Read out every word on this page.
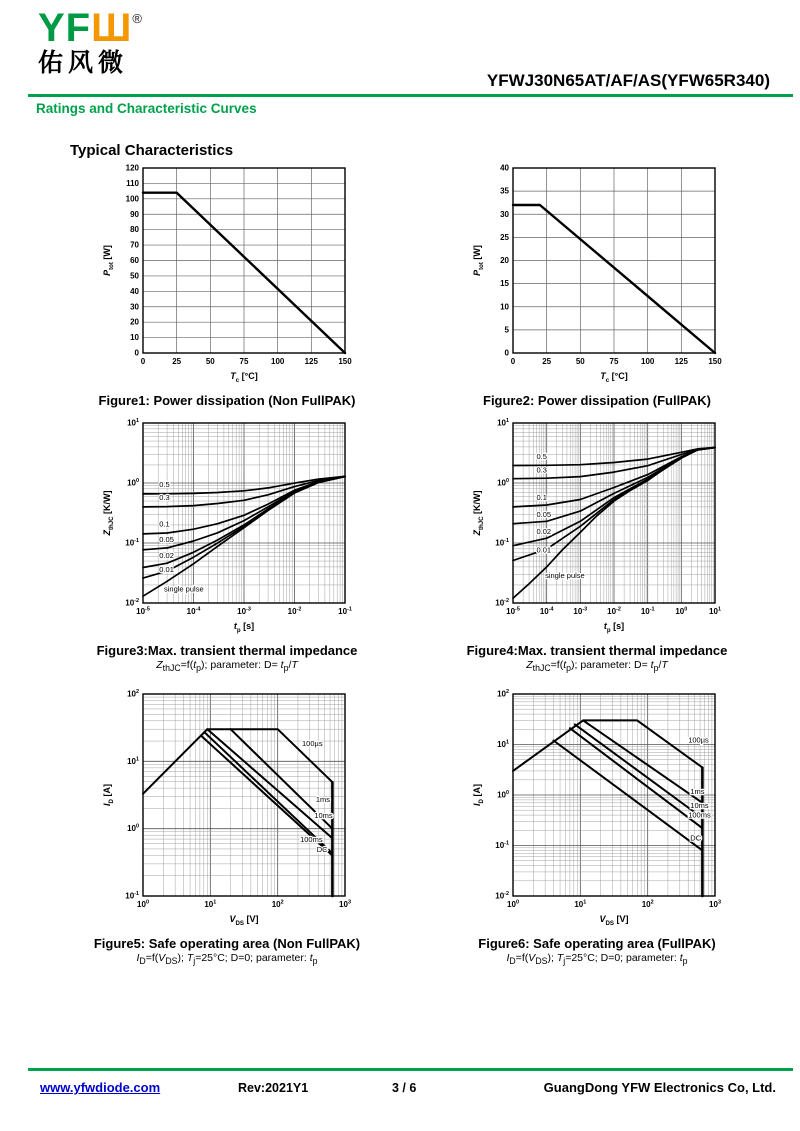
YFШ®
佑风微
YFWJ30N65AT/AF/AS(YFW65R340)
Ratings and Characteristic Curves
Typical Characteristics
0	25	50	75	100	125	150
0
10
20
30
40
50
60
70
80
90
100
110
120
$T_c$ [°C]
$P_{tot}$ [W]
Figure1: Power dissipation (Non FullPAK)
0	25	50	75	100	125	150
0
5
10
15
20
25
30
35
40
$T_c$ [°C]
$P_{tot}$ [W]
Figure2: Power dissipation (FullPAK)
0.5
0.3
0.1
0.05
0.02
0.01
single pulse
$10^{-5}$	$10^{-4}$	$10^{-3}$	$10^{-2}$	$10^{-1}$
$10^{-2}$
$10^{-1}$
$10^0$
$10^1$
$t_p$ [s]
$Z_{thJC}$ [K/W]
Figure3:Max. transient thermal impedance
$Z_{thJC}=f(t_p)$; parameter: $D= t_p/T$
0.5
0.3
0.1
0.05
0.02
0.01
single pulse
$10^{-5}$ $10^{-4}$ $10^{-3}$ $10^{-2}$ $10^{-1}$	$10^0$	$10^1$
$10^{-2}$
$10^{-1}$
$10^0$
$10^1$
$t_p$ [s]
$Z_{thJC}$ [K/W]
Figure4:Max. transient thermal impedance
$Z_{thJC}=f(t_p)$; parameter: $D= t_p/T$
100µs
1ms
10ms
100ms
DC
$10^0$	$10^1$	$10^2$	$10^3$
$10^{-1}$
$10^0$
$10^1$
$10^2$
$V_{DS}$ [V]
$I_D$ [A]
Figure5: Safe operating area (Non FullPAK)
$I_D=f(V_{DS})$; $T_j=25^\circ C$; D=0; parameter: $t_p$
100µs
1ms
10ms
100ms
DC
$10^0$	$10^1$	$10^2$	$10^3$
$10^{-2}$
$10^{-1}$
$10^0$
$10^1$
$10^2$
$V_{DS}$ [V]
$I_D$ [A]
Figure6: Safe operating area (FullPAK)
$I_D=f(V_{DS})$; $T_j=25^\circ C$; D=0; parameter: $t_p$
www.yfwdiode.com	Rev:2021Y1	3 / 6	GuangDong YFW Electronics Co, Ltd.
